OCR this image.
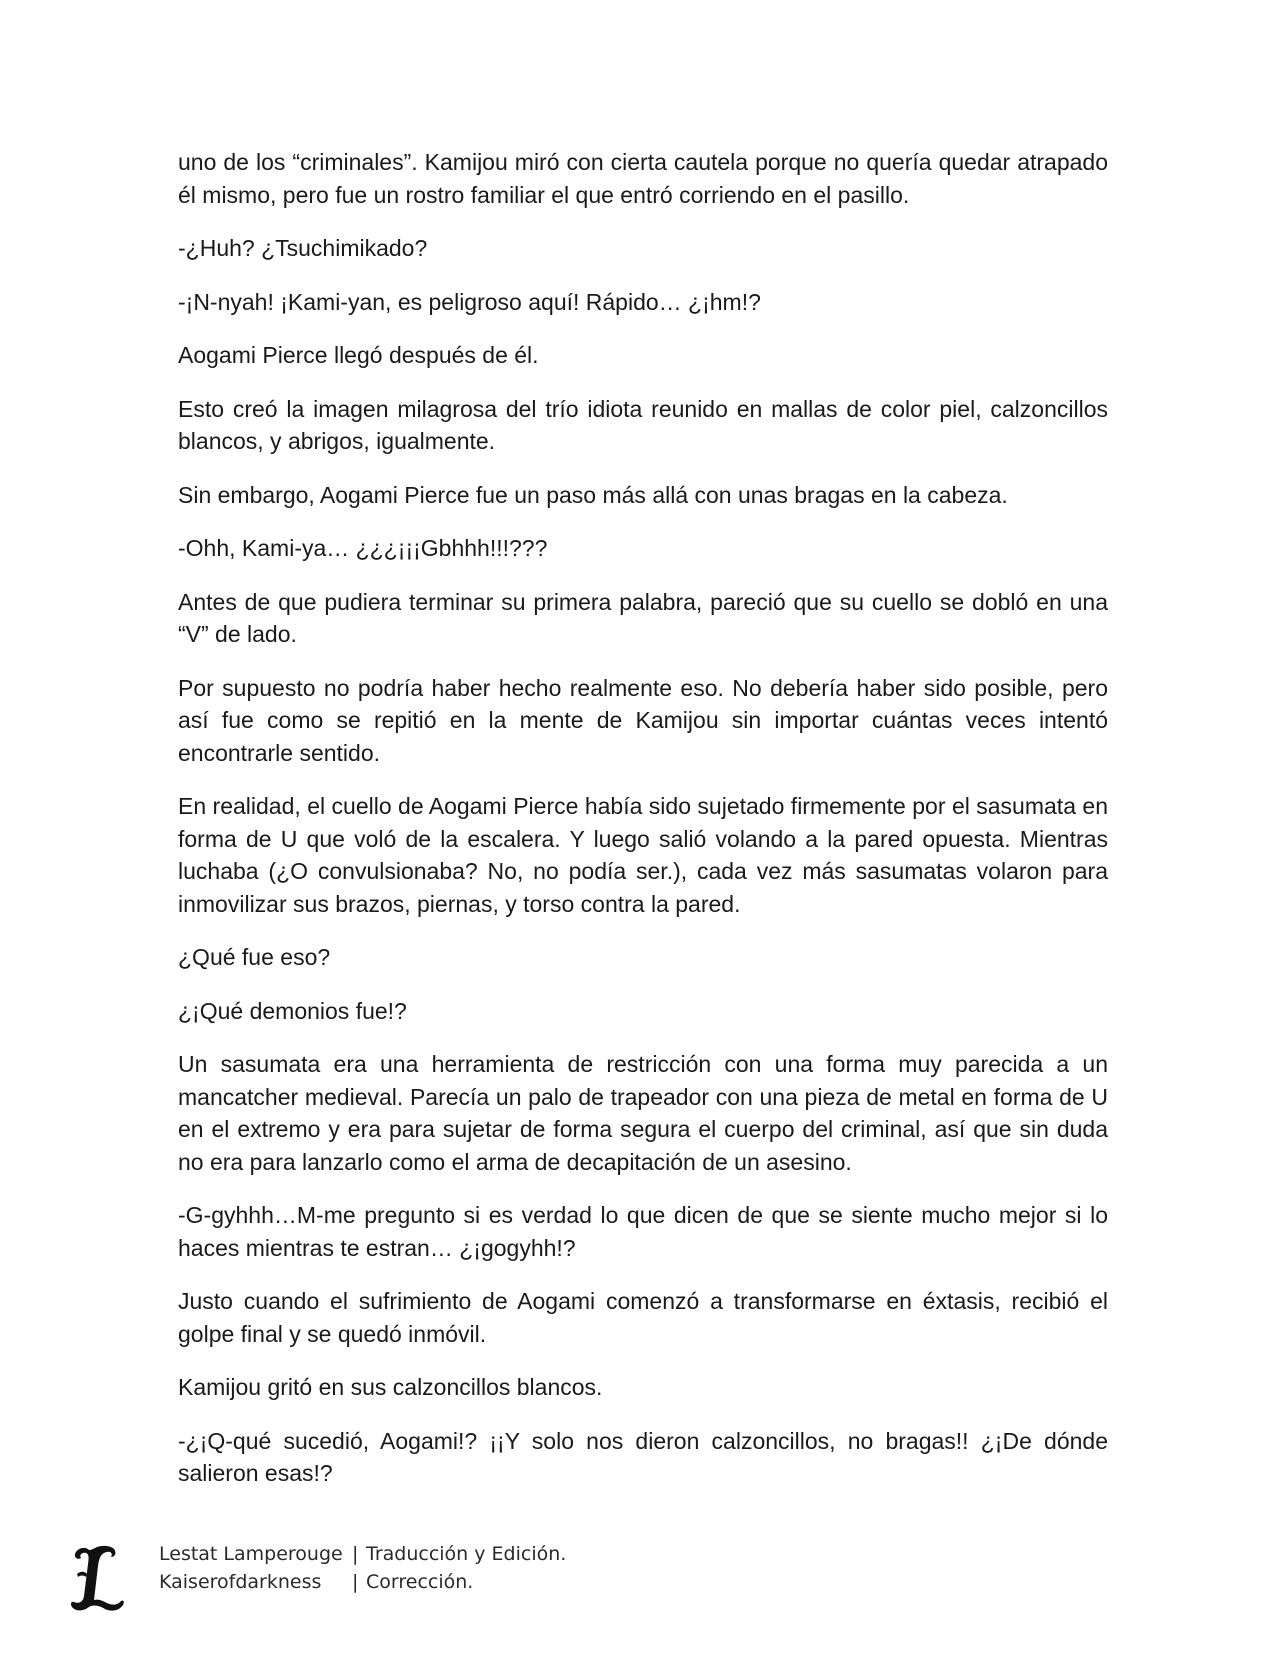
uno de los “criminales”. Kamijou miró con cierta cautela porque no quería quedar atrapado él mismo, pero fue un rostro familiar el que entró corriendo en el pasillo.

-¿Huh? ¿Tsuchimikado?

-¡N-nyah! ¡Kami-yan, es peligroso aquí! Rápido… ¿¡hm!?

Aogami Pierce llegó después de él.

Esto creó la imagen milagrosa del trío idiota reunido en mallas de color piel, calzoncillos blancos, y abrigos, igualmente.

Sin embargo, Aogami Pierce fue un paso más allá con unas bragas en la cabeza.

-Ohh, Kami-ya… ¿¿¿¡¡¡Gbhhh!!!???

Antes de que pudiera terminar su primera palabra, pareció que su cuello se dobló en una “V” de lado.

Por supuesto no podría haber hecho realmente eso. No debería haber sido posible, pero así fue como se repitió en la mente de Kamijou sin importar cuántas veces intentó encontrarle sentido.

En realidad, el cuello de Aogami Pierce había sido sujetado firmemente por el sasumata en forma de U que voló de la escalera. Y luego salió volando a la pared opuesta. Mientras luchaba (¿O convulsionaba? No, no podía ser.), cada vez más sasumatas volaron para inmovilizar sus brazos, piernas, y torso contra la pared.

¿Qué fue eso?

¿¡Qué demonios fue!?

Un sasumata era una herramienta de restricción con una forma muy parecida a un mancatcher medieval. Parecía un palo de trapeador con una pieza de metal en forma de U en el extremo y era para sujetar de forma segura el cuerpo del criminal, así que sin duda no era para lanzarlo como el arma de decapitación de un asesino.

-G-gyhhh…M-me pregunto si es verdad lo que dicen de que se siente mucho mejor si lo haces mientras te estran… ¿¡gogyhh!?

Justo cuando el sufrimiento de Aogami comenzó a transformarse en éxtasis, recibió el golpe final y se quedó inmóvil.

Kamijou gritó en sus calzoncillos blancos.

-¿¡Q-qué sucedió, Aogami!? ¡¡Y solo nos dieron calzoncillos, no bragas!! ¿¡De dónde salieron esas!?

Lestat Lamperouge | Traducción y Edición.
Kaiserofdarkness	| Corrección.
